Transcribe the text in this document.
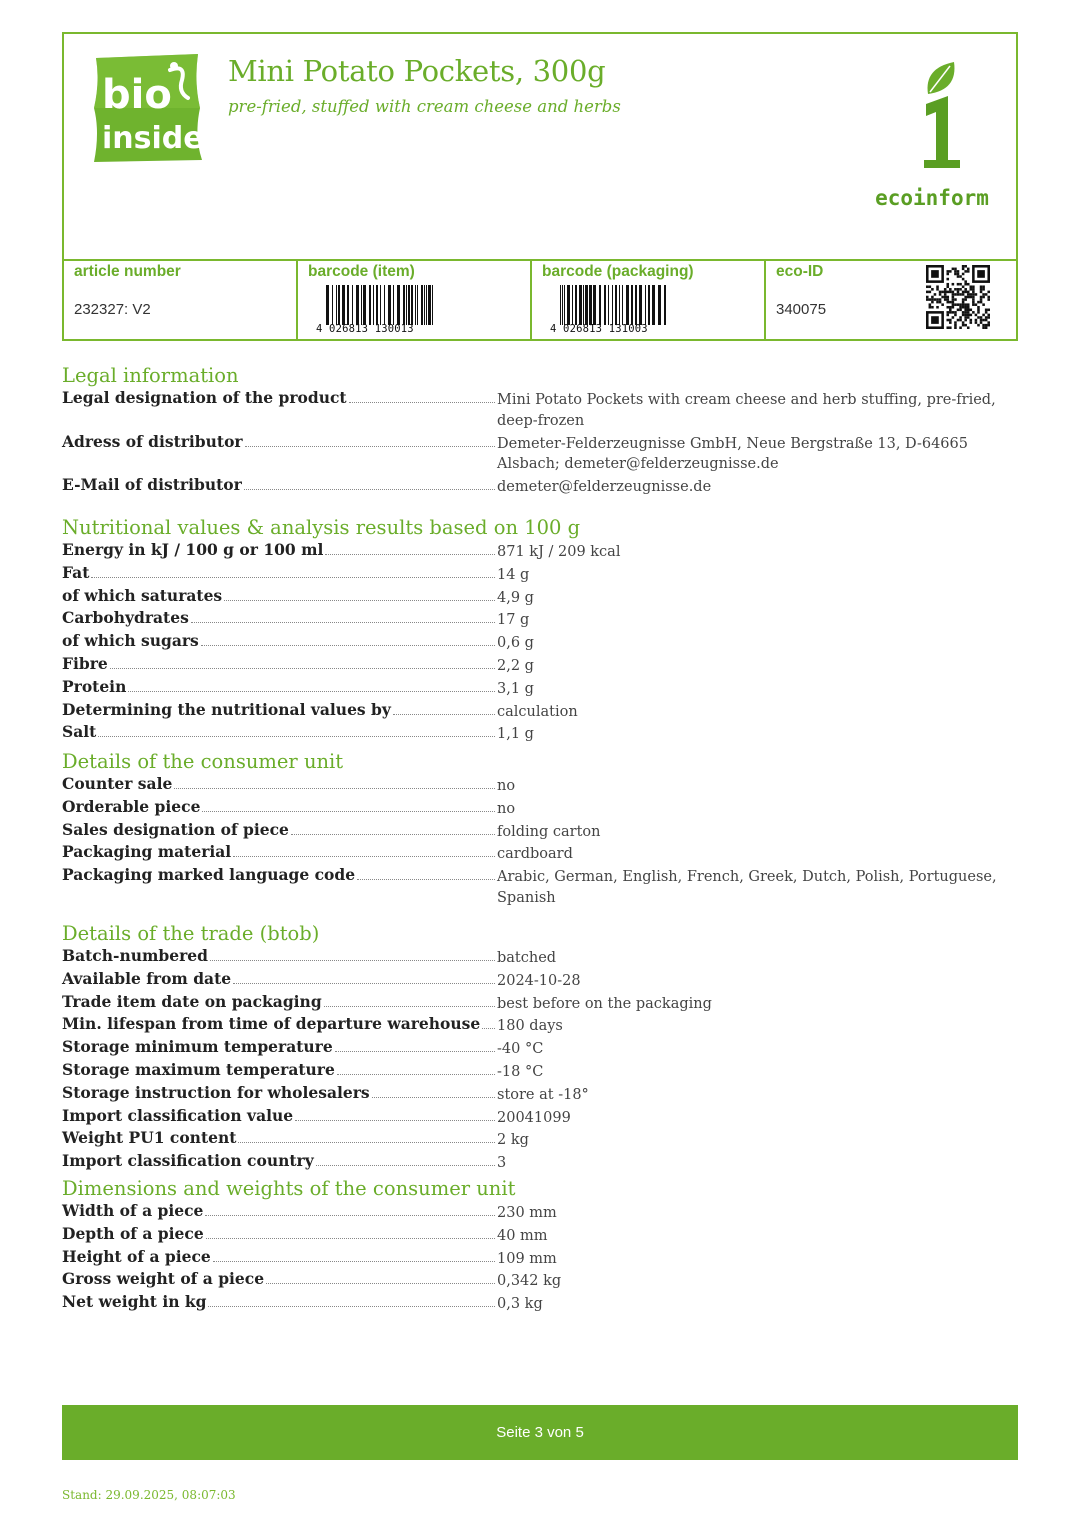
bio
inside
Mini Potato Pockets, 300g
pre-fried, stuffed with cream cheese and herbs
ecoinform
article number
232327: V2
barcode (item)
4 026813 130013
barcode (packaging)
4 026813 131003
eco-ID
340075
Legal information
Legal designation of the product	Mini Potato Pockets with cream cheese and herb stuffing, pre-fried, deep-frozen
Adress of distributor	Demeter-Felderzeugnisse GmbH, Neue Bergstraße 13, D-64665 Alsbach; demeter@felderzeugnisse.de
E-Mail of distributor	demeter@felderzeugnisse.de
Nutritional values & analysis results based on 100 g
Energy in kJ / 100 g or 100 ml	871 kJ / 209 kcal
Fat	14 g
of which saturates	4,9 g
Carbohydrates	17 g
of which sugars	0,6 g
Fibre	2,2 g
Protein	3,1 g
Determining the nutritional values by	calculation
Salt	1,1 g
Details of the consumer unit
Counter sale	no
Orderable piece	no
Sales designation of piece	folding carton
Packaging material	cardboard
Packaging marked language code	Arabic, German, English, French, Greek, Dutch, Polish, Portuguese, Spanish
Details of the trade (btob)
Batch-numbered	batched
Available from date	2024-10-28
Trade item date on packaging	best before on the packaging
Min. lifespan from time of departure warehouse 180 days
Storage minimum temperature	-40 °C
Storage maximum temperature	-18 °C
Storage instruction for wholesalers	store at -18°
Import classification value	20041099
Weight PU1 content	2 kg
Import classification country	3
Dimensions and weights of the consumer unit
Width of a piece	230 mm
Depth of a piece	40 mm
Height of a piece	109 mm
Gross weight of a piece	0,342 kg
Net weight in kg	0,3 kg
Seite 3 von 5
Stand: 29.09.2025, 08:07:03
